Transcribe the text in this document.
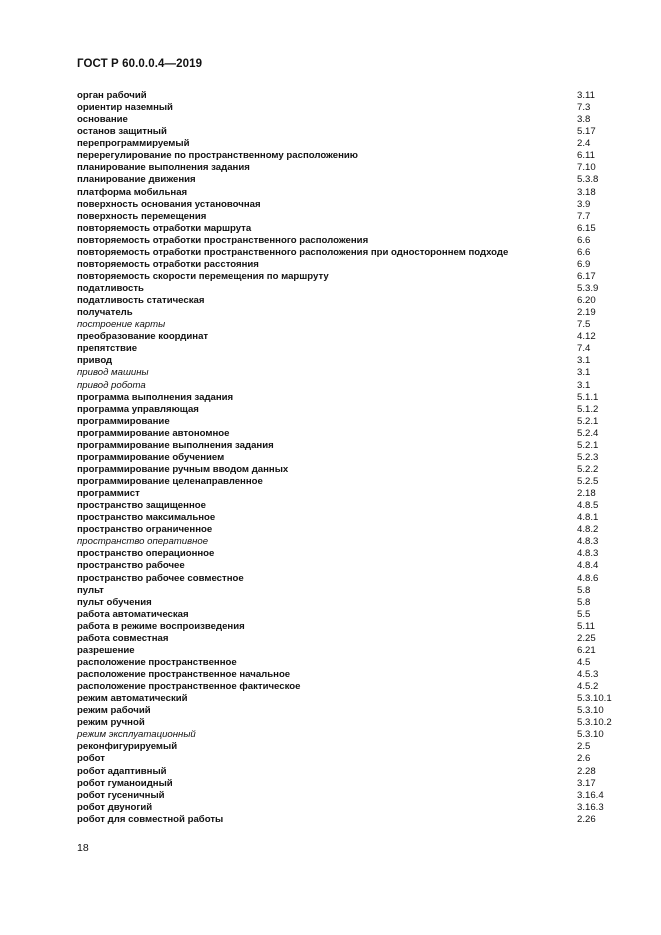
ГОСТ Р 60.0.0.4—2019
орган рабочий	3.11
ориентир наземный	7.3
основание	3.8
останов защитный	5.17
перепрограммируемый	2.4
перерегулирование по пространственному расположению	6.11
планирование выполнения задания	7.10
планирование движения	5.3.8
платформа мобильная	3.18
поверхность основания установочная	3.9
поверхность перемещения	7.7
повторяемость отработки маршрута	6.15
повторяемость отработки пространственного расположения	6.6
повторяемость отработки пространственного расположения при одностороннем подходе	6.6
повторяемость отработки расстояния	6.9
повторяемость скорости перемещения по маршруту	6.17
податливость	5.3.9
податливость статическая	6.20
получатель	2.19
построение карты	7.5
преобразование координат	4.12
препятствие	7.4
привод	3.1
привод машины	3.1
привод робота	3.1
программа выполнения задания	5.1.1
программа управляющая	5.1.2
программирование	5.2.1
программирование автономное	5.2.4
программирование выполнения задания	5.2.1
программирование обучением	5.2.3
программирование ручным вводом данных	5.2.2
программирование целенаправленное	5.2.5
программист	2.18
пространство защищенное	4.8.5
пространство максимальное	4.8.1
пространство ограниченное	4.8.2
пространство оперативное	4.8.3
пространство операционное	4.8.3
пространство рабочее	4.8.4
пространство рабочее совместное	4.8.6
пульт	5.8
пульт обучения	5.8
работа автоматическая	5.5
работа в режиме воспроизведения	5.11
работа совместная	2.25
разрешение	6.21
расположение пространственное	4.5
расположение пространственное начальное	4.5.3
расположение пространственное фактическое	4.5.2
режим автоматический	5.3.10.1
режим рабочий	5.3.10
режим ручной	5.3.10.2
режим эксплуатационный	5.3.10
реконфигурируемый	2.5
робот	2.6
робот адаптивный	2.28
робот гуманоидный	3.17
робот гусеничный	3.16.4
робот двуногий	3.16.3
робот для совместной работы	2.26
18
